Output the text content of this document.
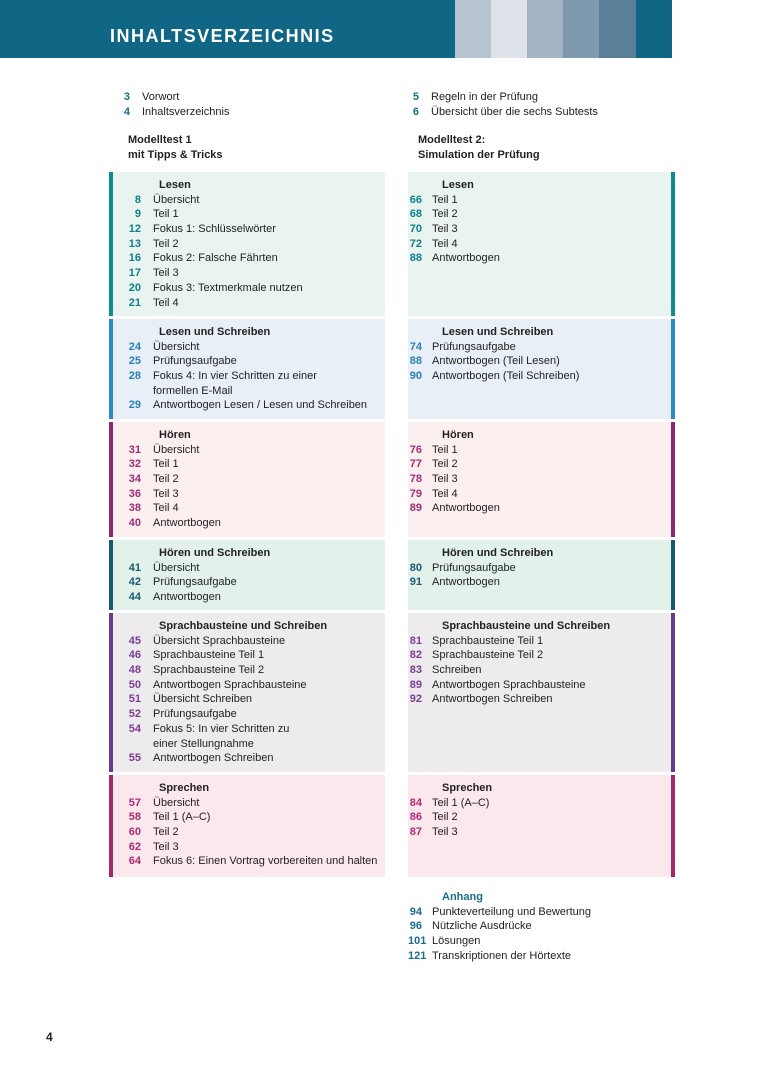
INHALTSVERZEICHNIS
3	Vorwort
4	Inhaltsverzeichnis
5	Regeln in der Prüfung
6	Übersicht über die sechs Subtests
Modelltest 1
mit Tipps & Tricks
Modelltest 2:
Simulation der Prüfung
Lesen
8	Übersicht
9	Teil 1
12	Fokus 1: Schlüsselwörter
13	Teil 2
16	Fokus 2: Falsche Fährten
17	Teil 3
20	Fokus 3: Textmerkmale nutzen
21	Teil 4
Lesen
66 Teil 1
68 Teil 2
70 Teil 3
72 Teil 4
88 Antwortbogen
Lesen und Schreiben
24	Übersicht
25	Prüfungsaufgabe
28	Fokus 4: In vier Schritten zu einer
formellen E-Mail
29	Antwortbogen Lesen / Lesen und Schreiben
Lesen und Schreiben
74 Prüfungsaufgabe
88 Antwortbogen (Teil Lesen)
90 Antwortbogen (Teil Schreiben)
Hören
31	Übersicht
32	Teil 1
34	Teil 2
36	Teil 3
38	Teil 4
40	Antwortbogen
Hören
76 Teil 1
77 Teil 2
78 Teil 3
79 Teil 4
89 Antwortbogen
Hören und Schreiben
41	Übersicht
42	Prüfungsaufgabe
44	Antwortbogen
Hören und Schreiben
80 Prüfungsaufgabe
91 Antwortbogen
Sprachbausteine und Schreiben
45	Übersicht Sprachbausteine
46	Sprachbausteine Teil 1
48	Sprachbausteine Teil 2
50	Antwortbogen Sprachbausteine
51	Übersicht Schreiben
52	Prüfungsaufgabe
54	Fokus 5: In vier Schritten zu
einer Stellungnahme
55	Antwortbogen Schreiben
Sprachbausteine und Schreiben
81 Sprachbausteine Teil 1
82 Sprachbausteine Teil 2
83 Schreiben
89 Antwortbogen Sprachbausteine
92 Antwortbogen Schreiben
Sprechen
57	Übersicht
58	Teil 1 (A–C)
60	Teil 2
62	Teil 3
64	Fokus 6: Einen Vortrag vorbereiten und halten
Sprechen
84 Teil 1 (A–C)
86 Teil 2
87 Teil 3
Anhang
94 Punkteverteilung und Bewertung
96 Nützliche Ausdrücke
101 Lösungen
121 Transkriptionen der Hörtexte
4
